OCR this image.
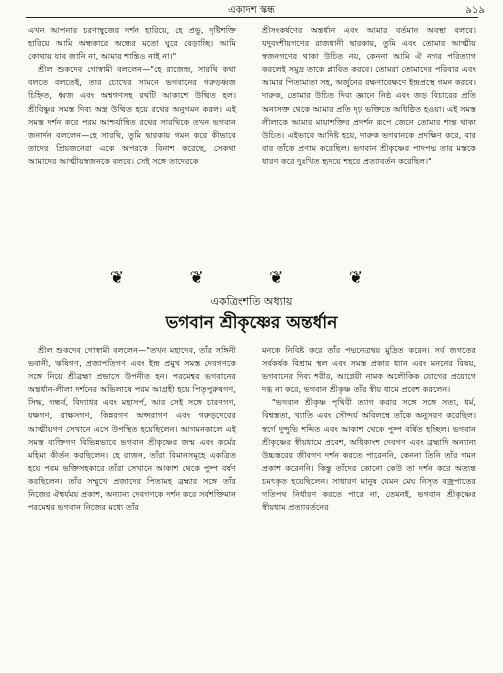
একাদশ স্কন্ধ	৯১৯

এখন আপনার চরণাম্বুজের দর্শন হারিয়ে, হে প্রভু, দৃষ্টিশক্তি হারিয়ে আমি অন্ধকারে অন্ধের মতো ঘুরে বেড়াচ্ছি। আমি কোথায় যাব জানি না, আমার শান্তিও নাই না।"

শ্রীল শুকদেব গোস্বামী বললেন—"হে রাজেন্দ্র, সারথি কথা বলতে বলতেই, তার চোখের সামনে ভগবানের গরুড়ধ্বজ চিহ্নিত, ধ্বজ এবং অশ্বগণসহ রথটি আকাশে উত্থিত হল। শ্রীবিষ্ণুর সমস্ত দিব্য অস্ত্র উত্থিত হয়ে রথের অনুগমন করল। এই সমস্ত দর্শন করে পরম আশ্চর্যান্বিত রথের সারথিকে তখন ভগবান জনার্দন বললেন—হে সারথি, তুমি দ্বারকায় গমন করে কীভাবে তাদের প্রিয়জনেরা একে অপরকে বিনাশ করেছে, সেকথা আমাদের আত্মীয়স্বজনকে বলবে। সেই সঙ্গে তাদেরকে

শ্রীসংকর্ষণের অন্তর্ধান এবং আমার বর্তমান অবস্থা বলবে। যদুবংশীয়গণের রাজধানী দ্বারকায়, তুমি এবং তোমার আত্মীয় স্বজনগণের থাকা উচিত নয়, কেননা আমি ঐ নগর পরিত্যাগ করলেই সমুদ্র তাকে প্লাবিত করবে। তোমরা তোমাদের পরিবার এবং আমার পিতামাতা সহ, অর্জুনের রক্ষণাবেক্ষণে ইন্দ্রপ্রস্থে গমন করবে। দারুক, তোমার উচিত দিব্য জ্ঞানে নিষ্ঠ এবং জড় বিচারের প্রতি অনাসক্ত থেকে আমার প্রতি দৃঢ় ভক্তিতে অধিষ্ঠিত হওয়া। এই সমস্ত লীলাকে আমার মায়াশক্তির প্রদর্শন রূপে জেনে তোমার শান্ত থাকা উচিত। এইভাবে আদিষ্ট হয়ে, দারুক ভগবানকে প্রদক্ষিণ করে, বার বার তাঁকে প্রণাম করেছিল। ভগবান শ্রীকৃষ্ণের পাদপদ্ম তার মস্তকে ধারণ করে দুঃখিত হৃদয়ে শহরে প্রত্যাবর্তন করেছিল।"

❦ ❦ ❦ ❦
একত্রিংশতি অধ্যায়
ভগবান শ্রীকৃষ্ণের অন্তর্ধান

শ্রীল শুকদেব গোস্বামী বললেন—"তখন মহাদেব, তাঁর সঙ্গিনী ভবানী, ঋষিগণ, প্রজাপতিগণ এবং ইন্দ্র প্রমুখ সমস্ত দেবগণকে সঙ্গে নিয়ে শ্রীব্রহ্মা প্রভাসে উপনীত হন। পরমেশ্বর ভগবানের অন্তর্ধান-লীলা দর্শনের অভিলাষে পরম আগ্রহী হয়ে পিতৃপুরুষগণ, সিদ্ধ, গন্ধর্ব, বিদ্যাধর এবং মহাসর্প, আর সেই সঙ্গে চারণগণ, যক্ষগণ, রাক্ষসগণ, কিন্নরগণ অপ্সরাগণ এবং গরুড়দেবের আত্মীয়গণ সেখানে এসে উপস্থিত হয়েছিলেন। আগমনকালে এই সমস্ত ব্যক্তিগণ বিভিন্নভাবে ভগবান শ্রীকৃষ্ণের জন্ম এবং কর্মের মহিমা কীর্তন করছিলেন। হে রাজন, তাঁরা বিমানসমূহে একত্রিত হয়ে পরম ভক্তিসহকারে তাঁরা সেখানে আকাশ থেকে পুষ্প বর্ষণ করছিলেন। তাঁর সম্মুখে প্রজাদের পিতামহ ব্রহ্মার সঙ্গে তাঁর নিজের ঐশ্বর্যময় প্রকাশ, অন্যান্য দেবগণকে দর্শন করে সর্বশক্তিমান পরমেশ্বর ভগবান নিজের মধ্যে তাঁর

মনকে নিবিষ্ট করে তাঁর পদ্মনেত্রদ্বয় মুদ্রিত করেন। সর্ব জগতের সর্বকর্ষক বিশ্রাম স্থল এবং সমস্ত প্রকার ধ্যান এবং মননের বিষয়, ভগবানের দিব্য শরীর, আগ্নেয়ী নামক অলৌকিক যোগের প্রয়োগে দগ্ধ না করে, ভগবান শ্রীকৃষ্ণ তাঁর স্বীয় ধামে প্রবেশ করলেন।

"ভগবান শ্রীকৃষ্ণ পৃথিবী ত্যাগ করার সঙ্গে সঙ্গে সত্য, ধর্ম, বিশ্বস্ততা, খ্যাতি এবং সৌন্দর্য অবিলম্বে তাঁকে অনুসরণ করেছিল। স্বর্গে দুন্দুভি শব্দিত এবং আকাশ থেকে পুষ্প বর্ষিত হচ্ছিল। ভগবান শ্রীকৃষ্ণের স্বীয়ধামে প্রবেশ, অধিকাংশ দেবগণ এবং ব্রহ্মাদি অন্যান্য উচ্চস্তরের জীবগণ দর্শন করতে পারেননি, কেননা তিনি তাঁর গমন প্রকাশ করেননি। কিন্তু তাঁদের কোনো কেউ তা দর্শন করে অত্যন্ত চমৎকৃত হয়েছিলেন। সাধারণ মানুষ যেমন মেঘ নিসৃত বজ্রপাতের গতিপথ নির্ধারণ করতে পারে না, তেমনই, ভগবান শ্রীকৃষ্ণের স্বীয়ধাম প্রত্যাবর্তনের
